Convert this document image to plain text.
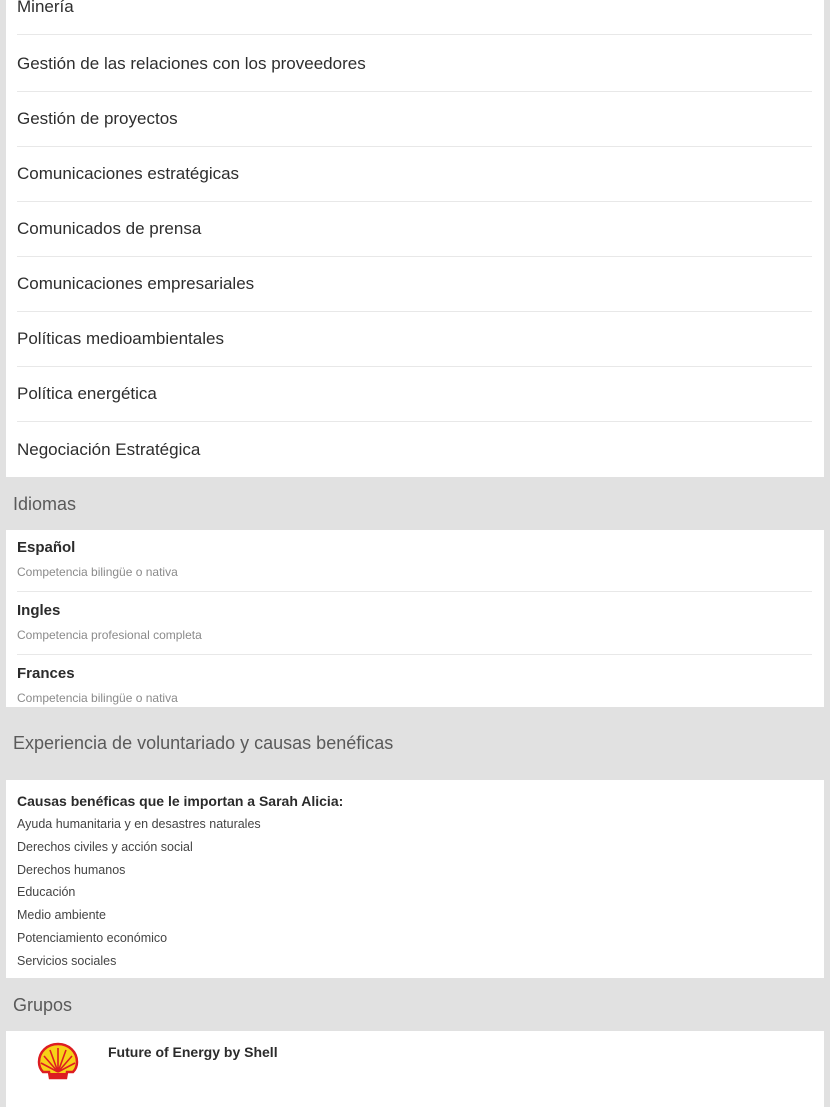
Minería
Gestión de las relaciones con los proveedores
Gestión de proyectos
Comunicaciones estratégicas
Comunicados de prensa
Comunicaciones empresariales
Políticas medioambientales
Política energética
Negociación Estratégica
Idiomas
Español
Competencia bilingüe o nativa
Ingles
Competencia profesional completa
Frances
Competencia bilingüe o nativa
Experiencia de voluntariado y causas benéficas
Causas benéficas que le importan a Sarah Alicia:
Ayuda humanitaria y en desastres naturales
Derechos civiles y acción social
Derechos humanos
Educación
Medio ambiente
Potenciamiento económico
Servicios sociales
Grupos
Future of Energy by Shell
